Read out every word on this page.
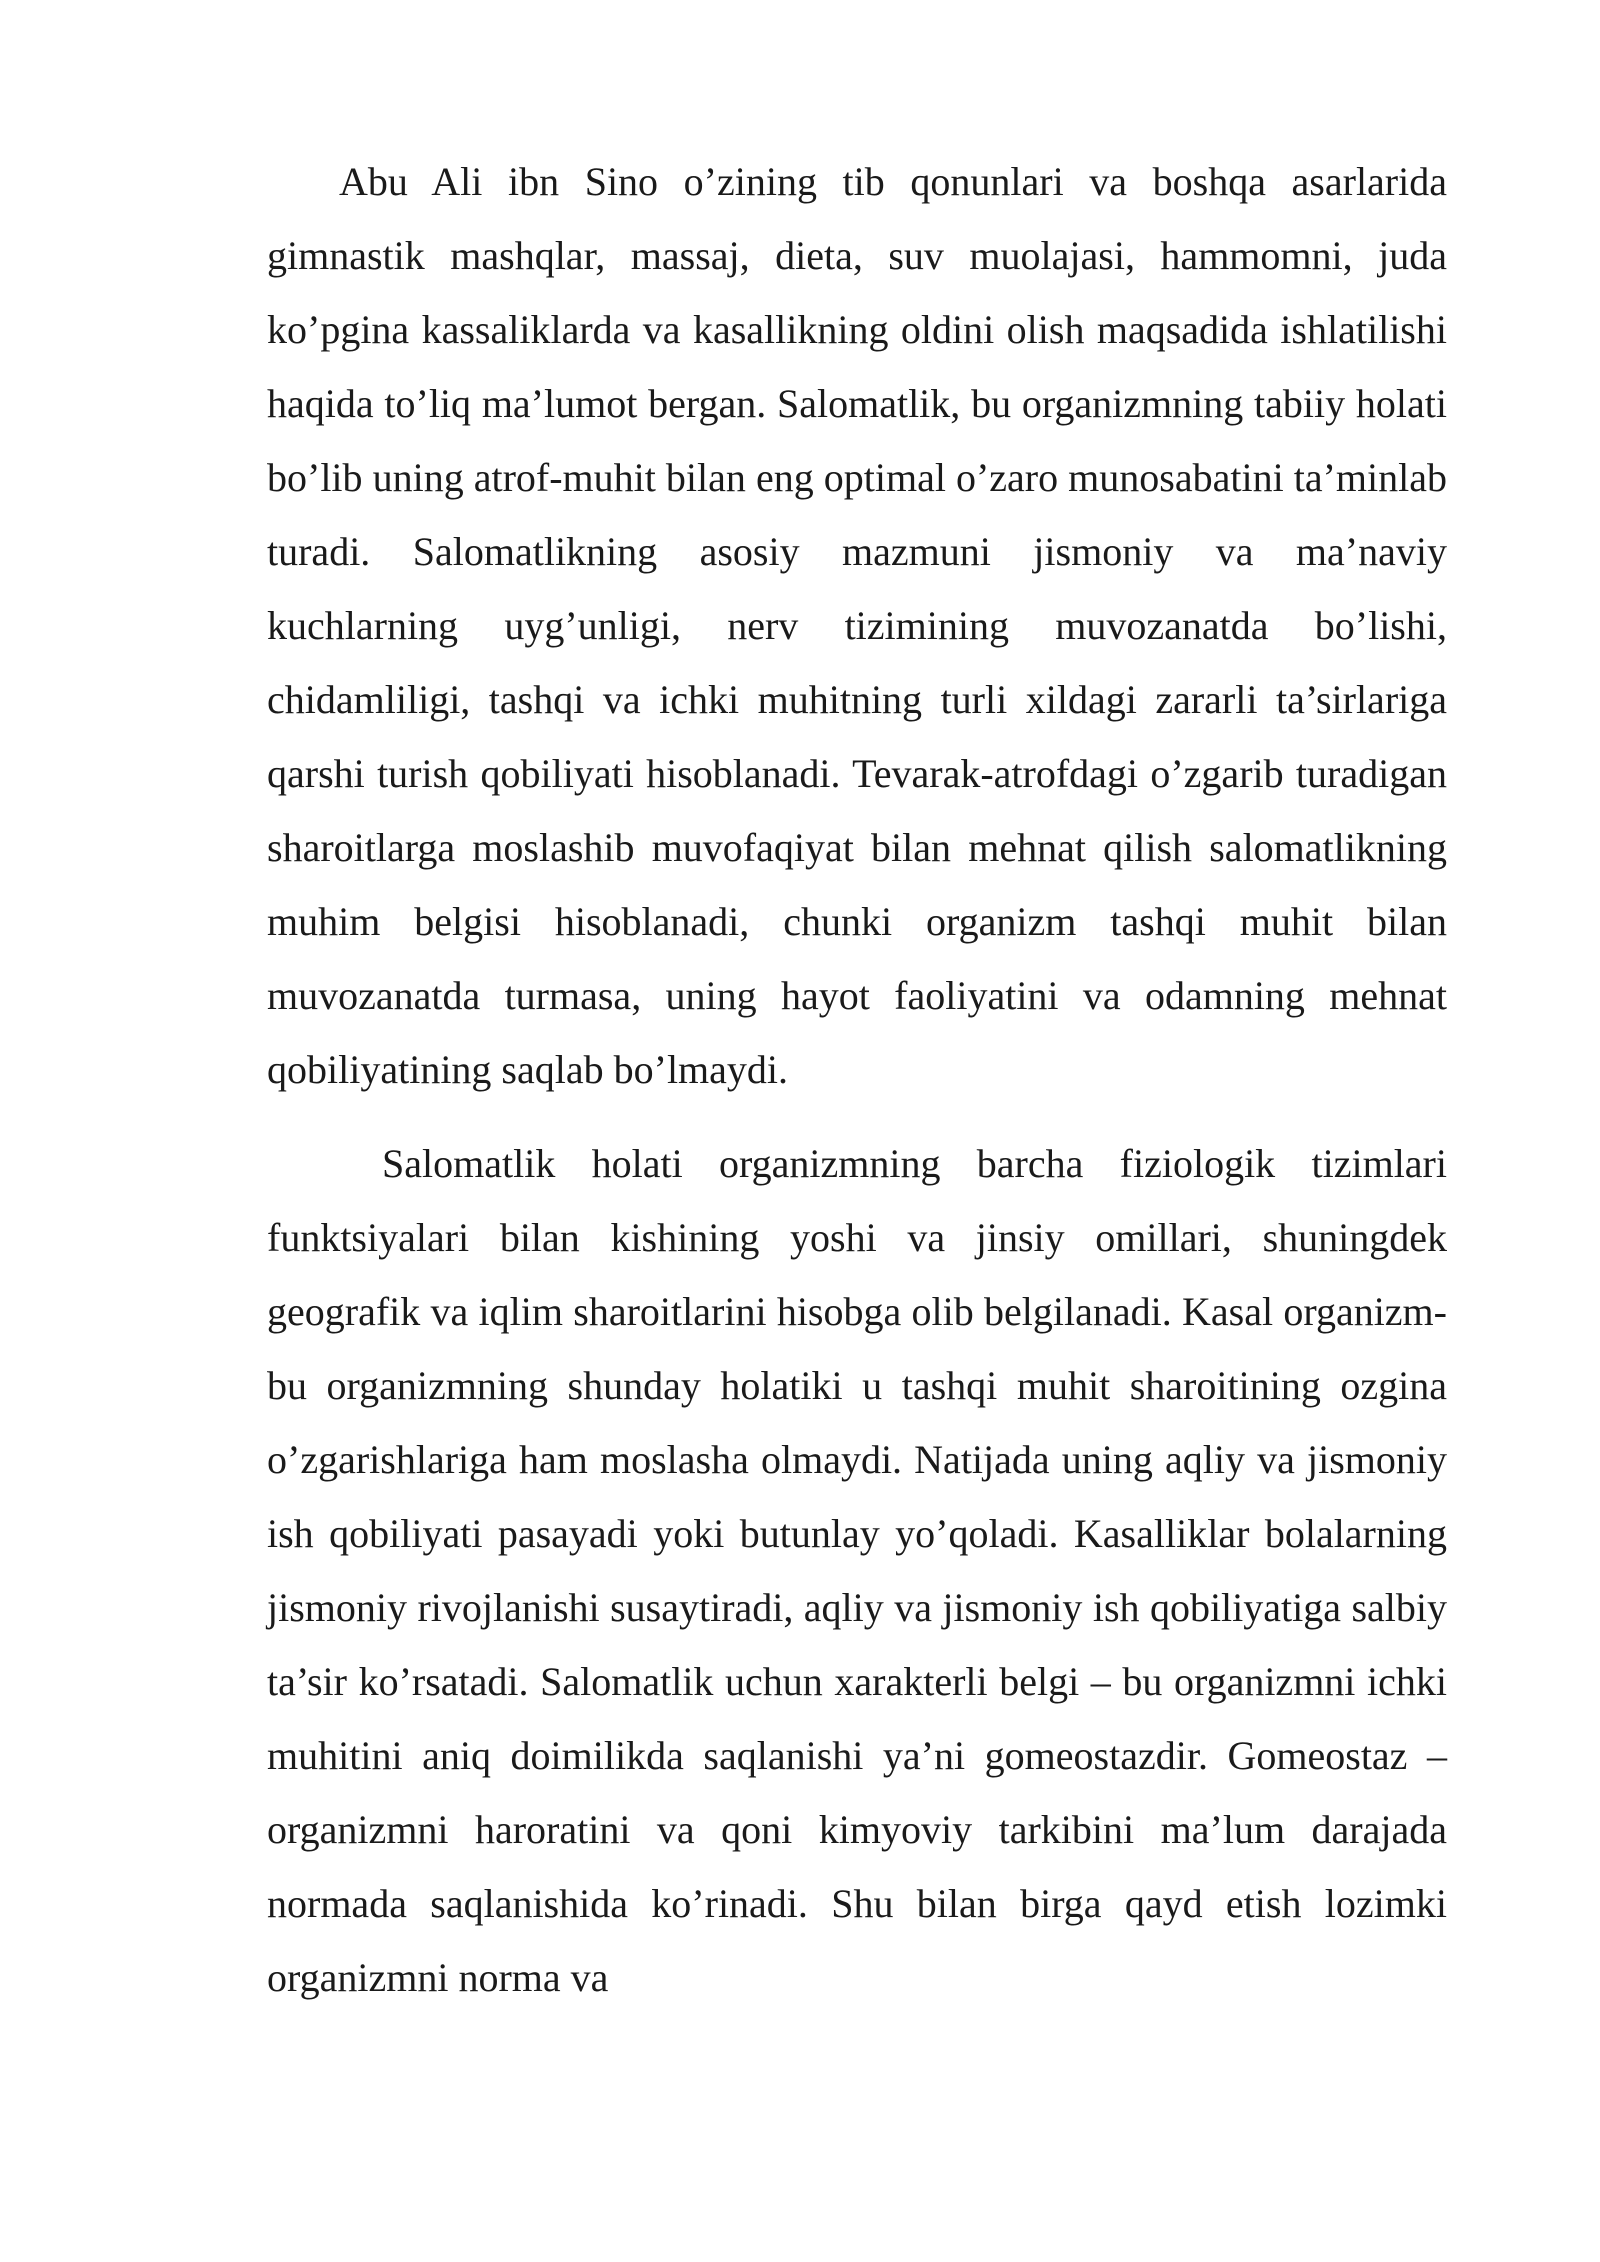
Abu Ali ibn Sino o’zining tib qonunlari va boshqa asarlarida gimnastik mashqlar, massaj, dieta, suv muolajasi, hammomni, juda ko’pgina kassaliklarda va kasallikning oldini olish maqsadida ishlatilishi haqida to’liq ma’lumot bergan. Salomatlik, bu organizmning tabiiy holati bo’lib uning atrof-muhit bilan eng optimal o’zaro munosabatini ta’minlab turadi. Salomatlikning asosiy mazmuni jismoniy va ma’naviy kuchlarning uyg’unligi, nerv tizimining muvozanatda bo’lishi, chidamliligi, tashqi va ichki muhitning turli xildagi zararli ta’sirlariga qarshi turish qobiliyati hisoblanadi. Tevarak-atrofdagi o’zgarib turadigan sharoitlarga moslashib muvofaqiyat bilan mehnat qilish salomatlikning muhim belgisi hisoblanadi, chunki organizm tashqi muhit bilan muvozanatda turmasa, uning hayot faoliyatini va odamning mehnat qobiliyatining saqlab bo’lmaydi.

Salomatlik holati organizmning barcha fiziologik tizimlari funktsiyalari bilan kishining yoshi va jinsiy omillari, shuningdek geografik va iqlim sharoitlarini hisobga olib belgilanadi. Kasal organizm-bu organizmning shunday holatiki u tashqi muhit sharoitining ozgina o’zgarishlariga ham moslasha olmaydi. Natijada uning aqliy va jismoniy ish qobiliyati pasayadi yoki butunlay yo’qoladi. Kasalliklar bolalarning jismoniy rivojlanishi susaytiradi, aqliy va jismoniy ish qobiliyatiga salbiy ta’sir ko’rsatadi. Salomatlik uchun xarakterli belgi – bu organizmni ichki muhitini aniq doimilikda saqlanishi ya’ni gomeostazdir. Gomeostaz – organizmni haroratini va qoni kimyoviy tarkibini ma’lum darajada normada saqlanishida ko’rinadi. Shu bilan birga qayd etish lozimki organizmni norma va
